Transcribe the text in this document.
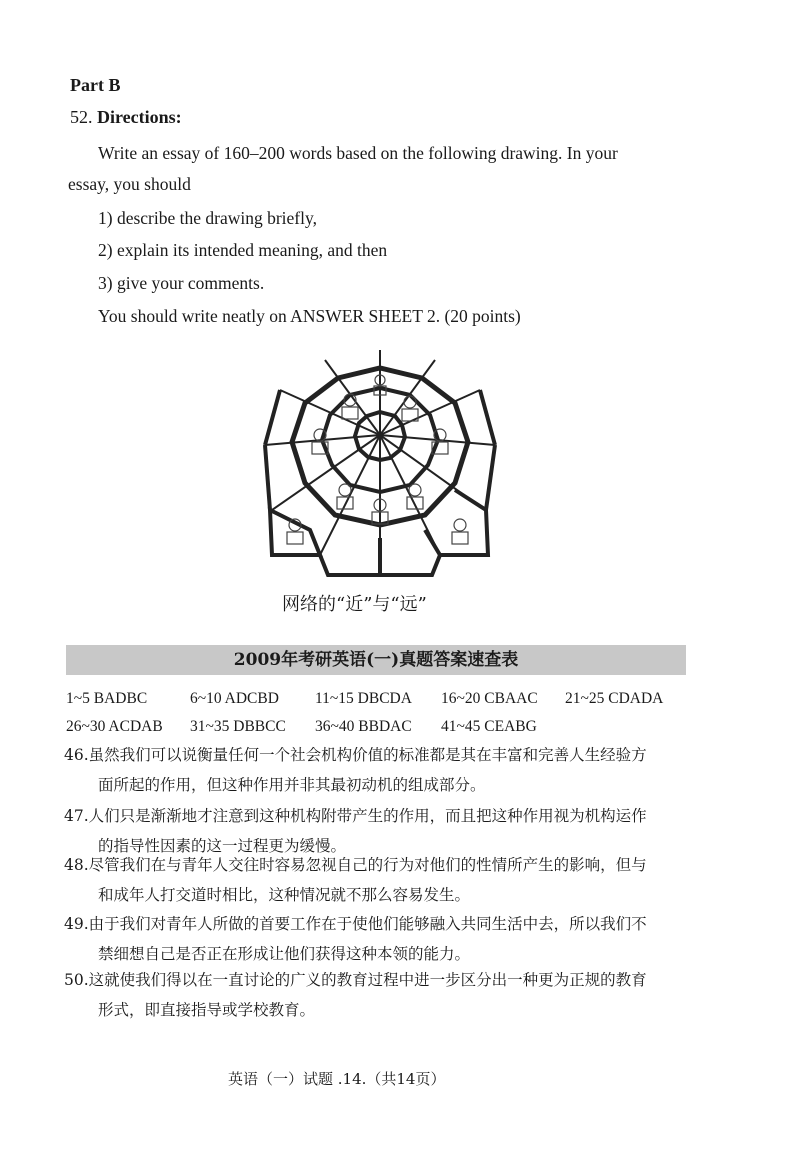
Part B
52. Directions:
Write an essay of 160–200 words based on the following drawing. In your
essay, you should
1) describe the drawing briefly,
2) explain its intended meaning, and then
3) give your comments.
You should write neatly on ANSWER SHEET 2. (20 points)
网络的“近”与“远”
2009年考研英语(一)真题答案速查表
1~5 BADBC	6~10 ADCBD 11~15 DBCDA 16~20 CBAAC 21~25 CDADA
26~30 ACDAB 31~35 DBBCC 36~40 BBDAC 41~45 CEABG
46.虽然我们可以说衡量任何一个社会机构价值的标准都是其在丰富和完善人生经验方
面所起的作用，但这种作用并非其最初动机的组成部分。
47.人们只是渐渐地才注意到这种机构附带产生的作用，而且把这种作用视为机构运作
的指导性因素的这一过程更为缓慢。
48.尽管我们在与青年人交往时容易忽视自己的行为对他们的性情所产生的影响，但与
和成年人打交道时相比，这种情况就不那么容易发生。
49.由于我们对青年人所做的首要工作在于使他们能够融入共同生活中去，所以我们不
禁细想自己是否正在形成让他们获得这种本领的能力。
50.这就使我们得以在一直讨论的广义的教育过程中进一步区分出一种更为正规的教育
形式，即直接指导或学校教育。
英语（一）试题 .14.（共14页）
